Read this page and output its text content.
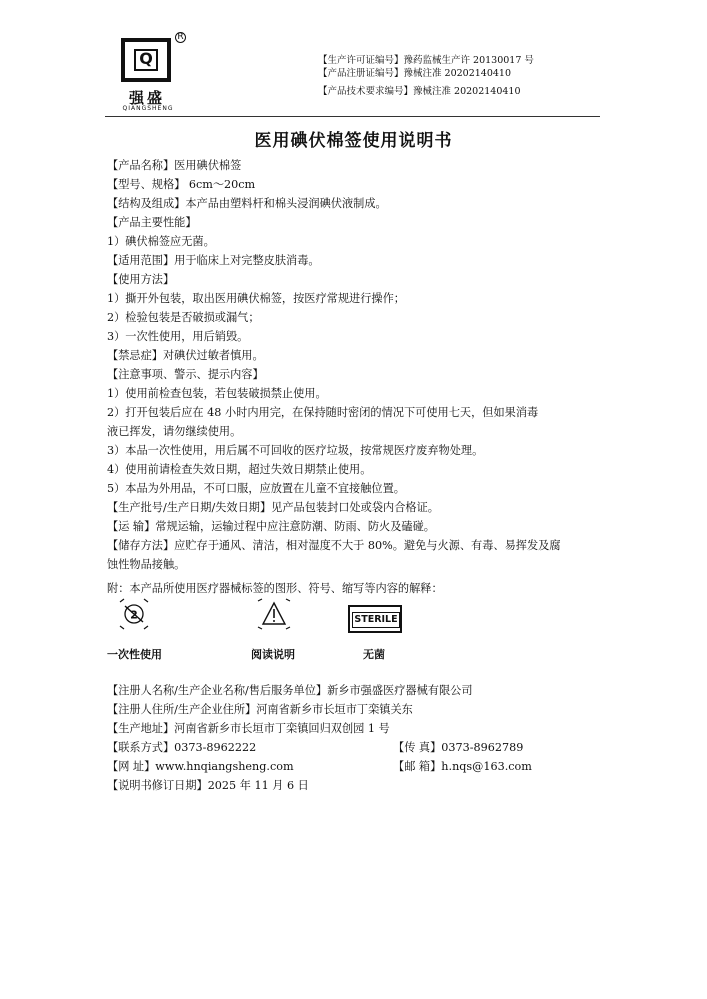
Q
R
强盛
QIANGSHENG
【生产许可证编号】豫药监械生产许 20130017 号
【产品注册证编号】豫械注准 20202140410
【产品技术要求编号】豫械注准 20202140410
医用碘伏棉签使用说明书
【产品名称】医用碘伏棉签
【型号、规格】 6cm～20cm
【结构及组成】本产品由塑料杆和棉头浸润碘伏液制成。
【产品主要性能】
1）碘伏棉签应无菌。
【适用范围】用于临床上对完整皮肤消毒。
【使用方法】
1）撕开外包装，取出医用碘伏棉签，按医疗常规进行操作；
2）检验包装是否破损或漏气；
3）一次性使用，用后销毁。
【禁忌症】对碘伏过敏者慎用。
【注意事项、警示、提示内容】
1）使用前检查包装，若包装破损禁止使用。
2）打开包装后应在 48 小时内用完，在保持随时密闭的情况下可使用七天，但如果消毒
液已挥发，请勿继续使用。
3）本品一次性使用，用后属不可回收的医疗垃圾，按常规医疗废弃物处理。
4）使用前请检查失效日期，超过失效日期禁止使用。
5）本品为外用品，不可口服，应放置在儿童不宜接触位置。
【生产批号/生产日期/失效日期】见产品包装封口处或袋内合格证。
【运 输】常规运输，运输过程中应注意防潮、防雨、防火及磕碰。
【储存方法】应贮存于通风、清洁，相对湿度不大于 80%。避免与火源、有毒、易挥发及腐
蚀性物品接触。
附：本产品所使用医疗器械标签的图形、符号、缩写等内容的解释：
2
一次性使用	阅读说明
STERILE
无菌
【注册人名称/生产企业名称/售后服务单位】新乡市强盛医疗器械有限公司
【注册人住所/生产企业住所】河南省新乡市长垣市丁栾镇关东
【生产地址】河南省新乡市长垣市丁栾镇回归双创园 1 号
【联系方式】0373-8962222	【传 真】0373-8962789
【网 址】www.hnqiangsheng.com	【邮 箱】h.nqs@163.com
【说明书修订日期】2025 年 11 月 6 日
